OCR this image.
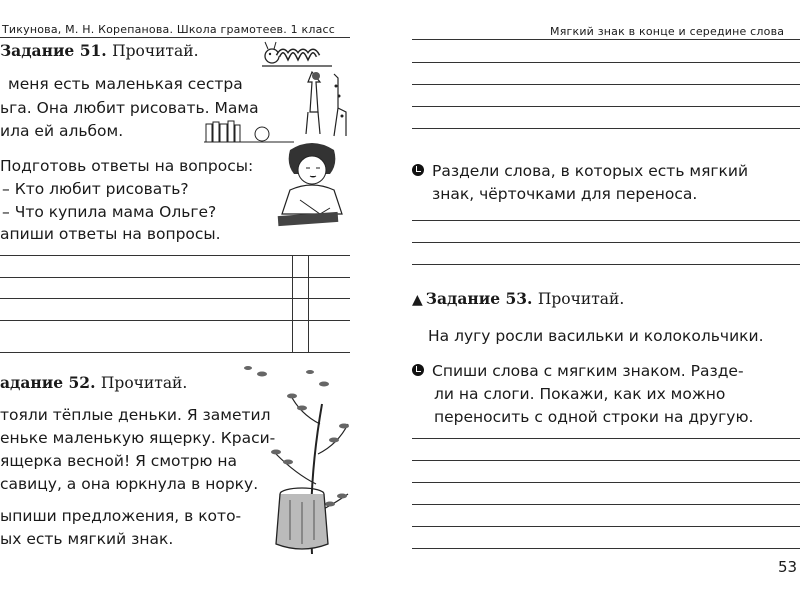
Тикунова, М. Н. Корепанова. Школа грамотеев. 1 класс
Задание 51. Прочитай.
меня есть маленькая сестра
ьга. Она любит рисовать. Мама
ила ей альбом.
Подготовь ответы на вопросы:
– Кто любит рисовать?
– Что купила мама Ольге?
апиши ответы на вопросы.
адание 52. Прочитай.
тояли тёплые деньки. Я заметил
еньке маленькую ящерку. Краси-
ящерка весной! Я смотрю на
савицу, а она юркнула в норку.
ыпиши предложения, в кото-
ых есть мягкий знак.
Мягкий знак в конце и середине слова
Раздели слова, в которых есть мягкий
знак, чёрточками для переноса.
▲ Задание 53. Прочитай.
На лугу росли васильки и колокольчики.
Спиши слова с мягким знаком. Разде-
ли на слоги. Покажи, как их можно
переносить с одной строки на другую.
53
